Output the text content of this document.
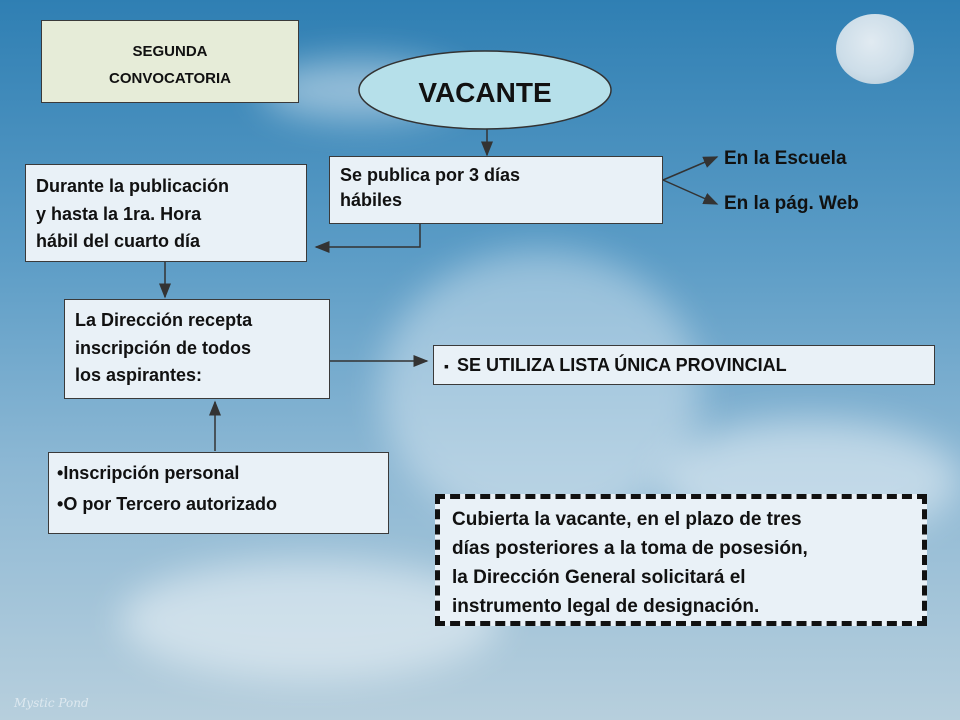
SEGUNDA
CONVOCATORIA	VACANTE
Se publica por 3 días
hábiles
En la Escuela
En la pág. Web
Durante la publicación
y hasta la 1ra. Hora
hábil del cuarto día
La Dirección recepta
inscripción de todos
los aspirantes:	▪ SE UTILIZA LISTA ÚNICA PROVINCIAL
•Inscripción personal
•O por Tercero autorizado
Cubierta la vacante, en el plazo de tres
días posteriores a la toma de posesión,
la Dirección General solicitará el
instrumento legal de designación.
Mystic Pond
